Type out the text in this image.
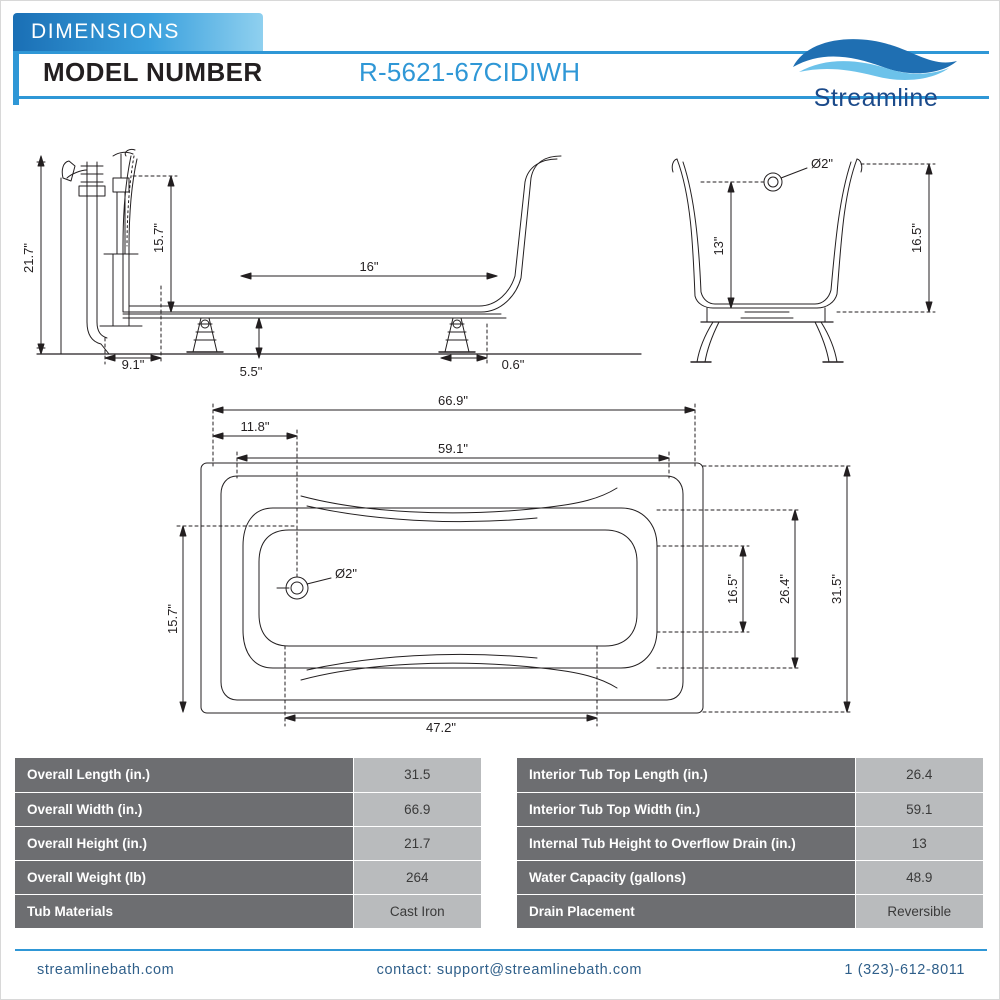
DIMENSIONS
MODEL NUMBER	R-5621-67CIDIWH
Streamline
21.7"
15.7"
16"
9.1"	5.5"	0.6"
Ø2"
13"	16.5"
66.9"
11.8"
59.1"
47.2"
15.7"
16.5"	26.4"	31.5"
Ø2"
Overall Length (in.)	31.5
Overall Width (in.)	66.9
Overall Height (in.)	21.7
Overall Weight (lb)	264
Tub Materials	Cast Iron
Interior Tub Top Length (in.)	26.4
Interior Tub Top Width (in.)	59.1
Internal Tub Height to Overflow Drain (in.)	13
Water Capacity (gallons)	48.9
Drain Placement	Reversible
streamlinebath.com	contact: support@streamlinebath.com	1 (323)-612-8011
